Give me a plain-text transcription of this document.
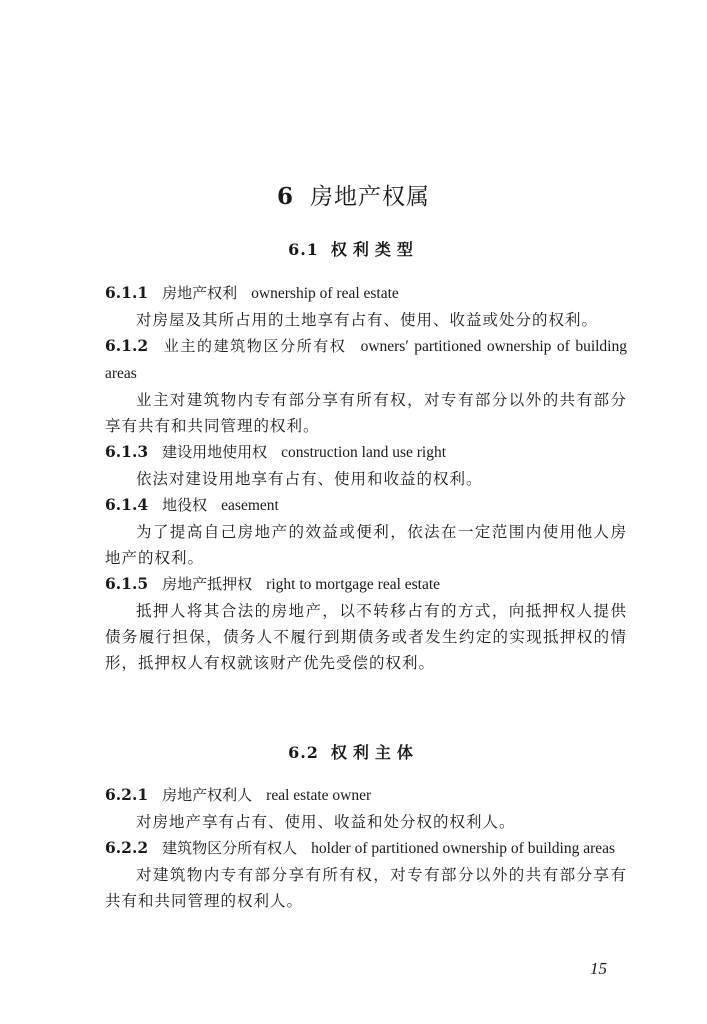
6 房地产权属
6.1 权利类型

6.1.1 房地产权利 ownership of real estate

对房屋及其所占用的土地享有占有、使用、收益或处分的权利。

6.1.2 业主的建筑物区分所有权 owners′ partitioned ownership of building areas

业主对建筑物内专有部分享有所有权，对专有部分以外的共有部分享有共有和共同管理的权利。

6.1.3 建设用地使用权 construction land use right

依法对建设用地享有占有、使用和收益的权利。

6.1.4 地役权 easement

为了提高自己房地产的效益或便利，依法在一定范围内使用他人房地产的权利。

6.1.5 房地产抵押权 right to mortgage real estate

抵押人将其合法的房地产，以不转移占有的方式，向抵押权人提供债务履行担保，债务人不履行到期债务或者发生约定的实现抵押权的情形，抵押权人有权就该财产优先受偿的权利。

6.2 权利主体

6.2.1 房地产权利人 real estate owner

对房地产享有占有、使用、收益和处分权的权利人。

6.2.2 建筑物区分所有权人 holder of partitioned ownership of building areas

对建筑物内专有部分享有所有权，对专有部分以外的共有部分享有共有和共同管理的权利人。

15
